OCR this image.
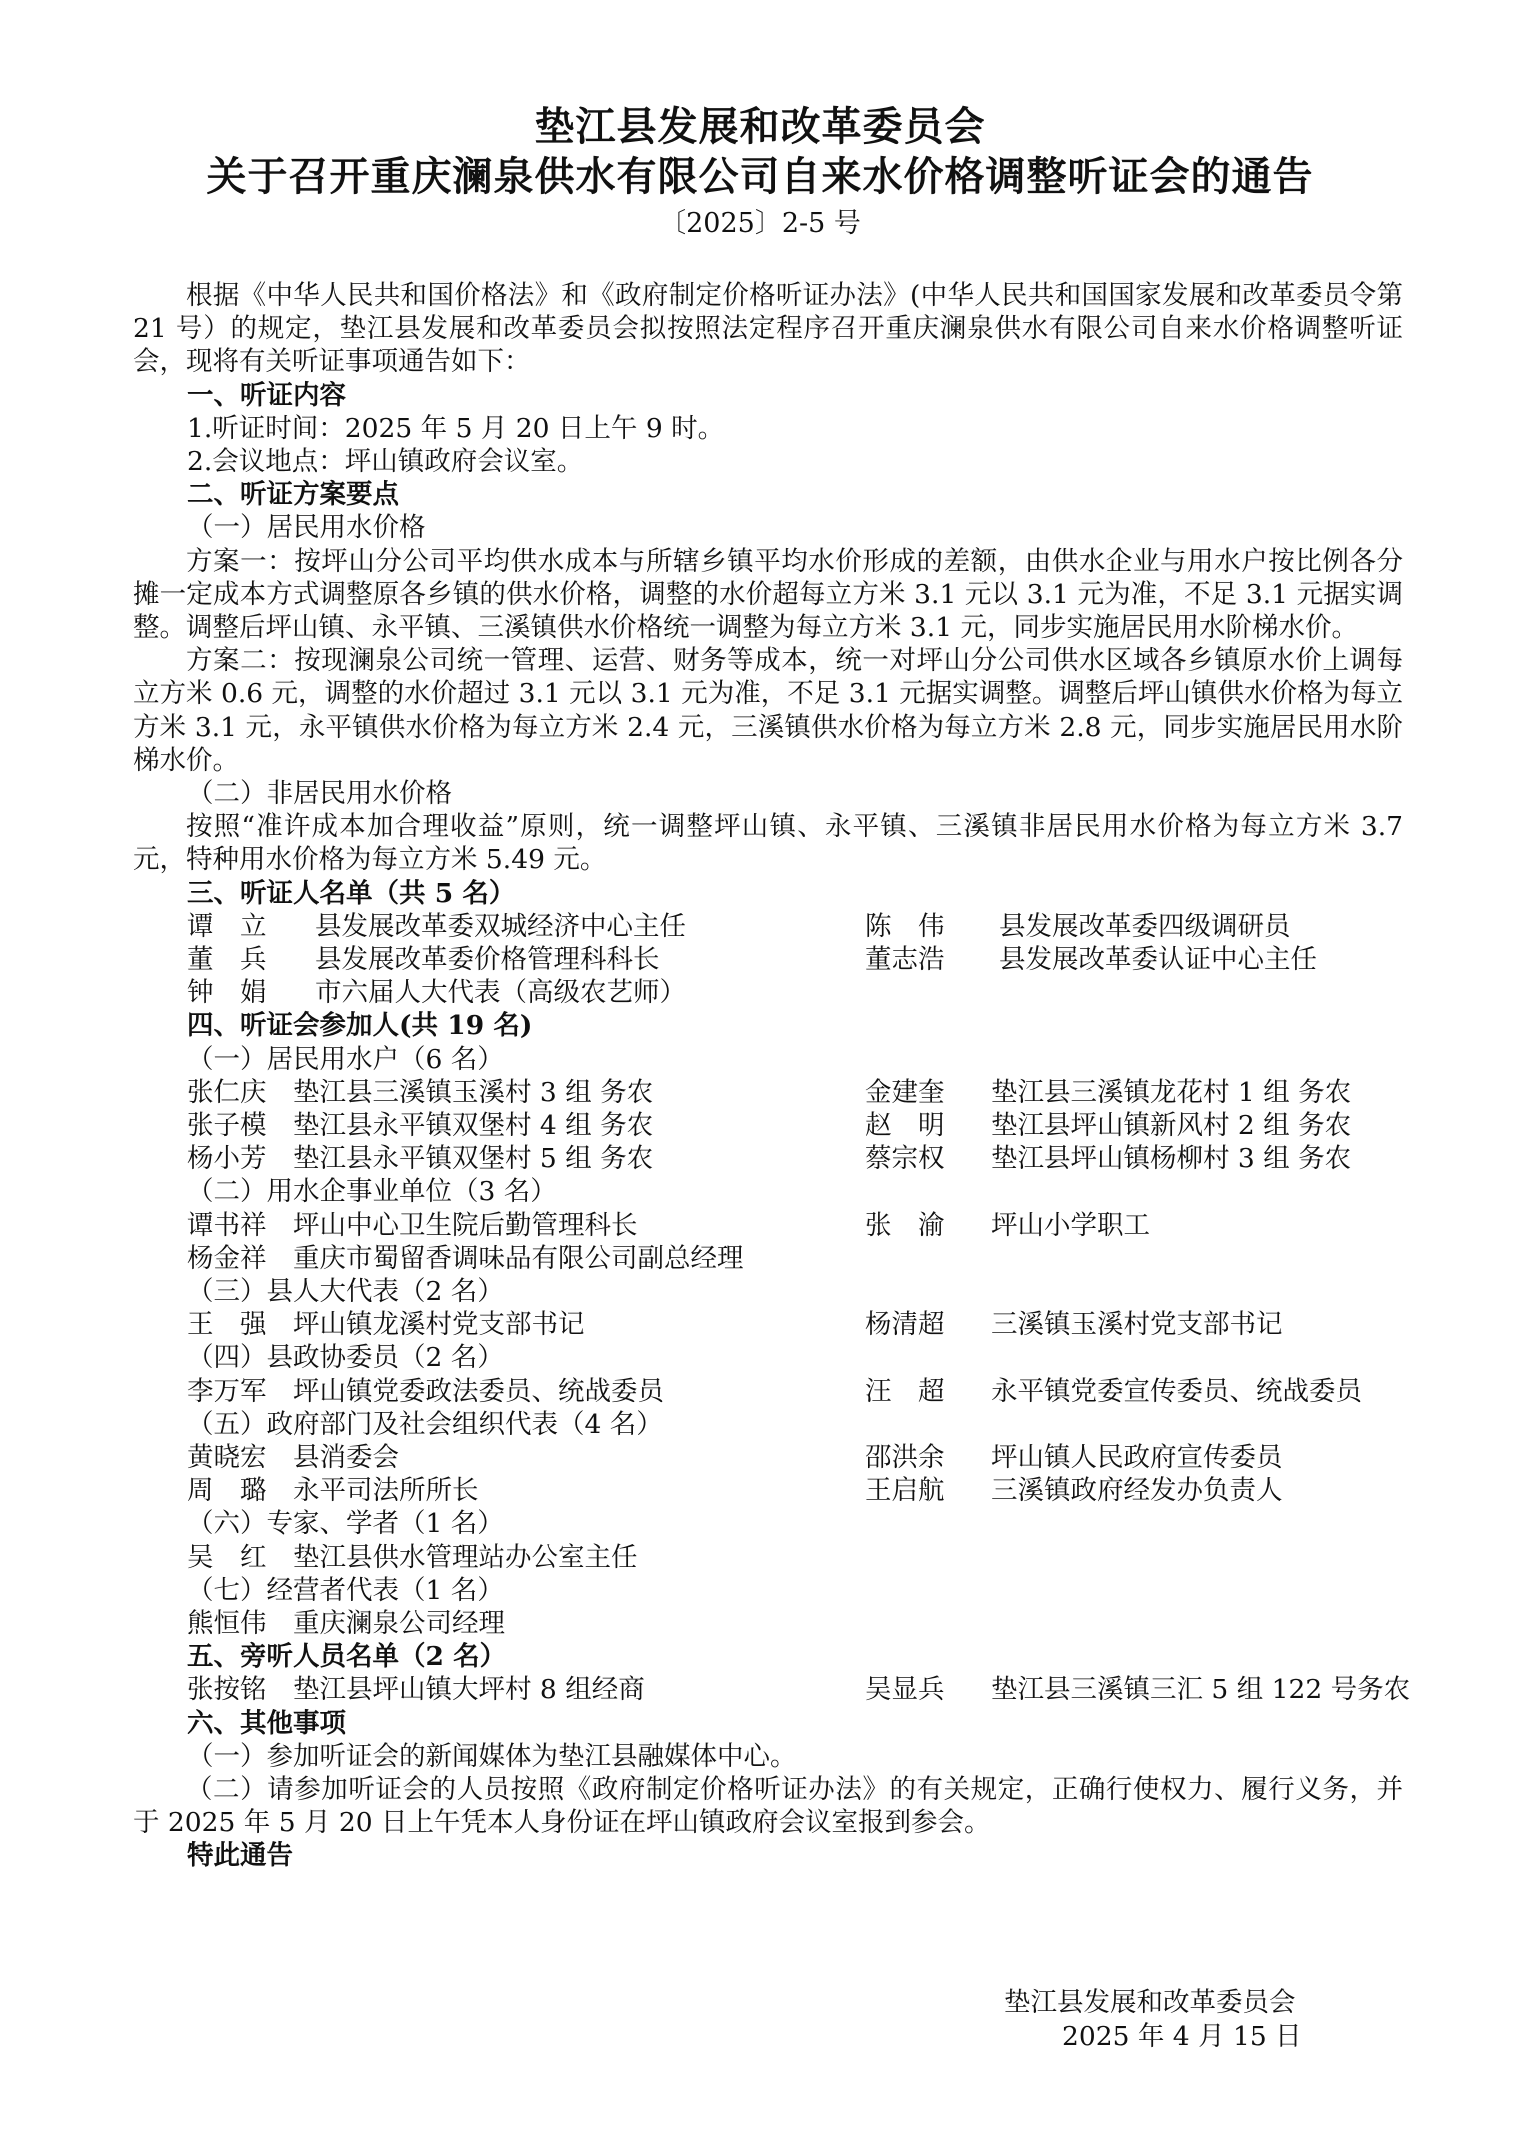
垫江县发展和改革委员会
关于召开重庆澜泉供水有限公司自来水价格调整听证会的通告
〔2025〕2-5 号

根据《中华人民共和国价格法》和《政府制定价格听证办法》(中华人民共和国国家发展和改革委员令第 21 号）的规定，垫江县发展和改革委员会拟按照法定程序召开重庆澜泉供水有限公司自来水价格调整听证会，现将有关听证事项通告如下：

一、听证内容

1.听证时间：2025 年 5 月 20 日上午 9 时。

2.会议地点：坪山镇政府会议室。

二、听证方案要点

（一）居民用水价格

方案一：按坪山分公司平均供水成本与所辖乡镇平均水价形成的差额，由供水企业与用水户按比例各分摊一定成本方式调整原各乡镇的供水价格，调整的水价超每立方米 3.1 元以 3.1 元为准，不足 3.1 元据实调整。调整后坪山镇、永平镇、三溪镇供水价格统一调整为每立方米 3.1 元，同步实施居民用水阶梯水价。

方案二：按现澜泉公司统一管理、运营、财务等成本，统一对坪山分公司供水区域各乡镇原水价上调每立方米 0.6 元，调整的水价超过 3.1 元以 3.1 元为准，不足 3.1 元据实调整。调整后坪山镇供水价格为每立方米 3.1 元，永平镇供水价格为每立方米 2.4 元，三溪镇供水价格为每立方米 2.8 元，同步实施居民用水阶梯水价。

（二）非居民用水价格

按照“准许成本加合理收益”原则，统一调整坪山镇、永平镇、三溪镇非居民用水价格为每立方米 3.7 元，特种用水价格为每立方米 5.49 元。

三、听证人名单（共 5 名）

谭　立 县发展改革委双城经济中心主任	陈　伟 县发展改革委四级调研员
董　兵 县发展改革委价格管理科科长	董志浩 县发展改革委认证中心主任
钟　娟 市六届人大代表（高级农艺师）

四、听证会参加人(共 19 名)

（一）居民用水户（6 名）

张仁庆 垫江县三溪镇玉溪村 3 组 务农	金建奎 垫江县三溪镇龙花村 1 组 务农
张子模 垫江县永平镇双堡村 4 组 务农	赵　明 垫江县坪山镇新风村 2 组 务农
杨小芳 垫江县永平镇双堡村 5 组 务农	蔡宗权 垫江县坪山镇杨柳村 3 组 务农

（二）用水企事业单位（3 名）

谭书祥 坪山中心卫生院后勤管理科长	张　渝 坪山小学职工
杨金祥 重庆市蜀留香调味品有限公司副总经理

（三）县人大代表（2 名）

王　强 坪山镇龙溪村党支部书记	杨清超 三溪镇玉溪村党支部书记

（四）县政协委员（2 名）

李万军 坪山镇党委政法委员、统战委员	汪　超 永平镇党委宣传委员、统战委员

（五）政府部门及社会组织代表（4 名）

黄晓宏 县消委会	邵洪余 坪山镇人民政府宣传委员
周　璐 永平司法所所长	王启航 三溪镇政府经发办负责人

（六）专家、学者（1 名）

吴　红 垫江县供水管理站办公室主任

（七）经营者代表（1 名）

熊恒伟 重庆澜泉公司经理

五、旁听人员名单（2 名）

张按铭 垫江县坪山镇大坪村 8 组经商	吴显兵 垫江县三溪镇三汇 5 组 122 号务农

六、其他事项

（一）参加听证会的新闻媒体为垫江县融媒体中心。

（二）请参加听证会的人员按照《政府制定价格听证办法》的有关规定，正确行使权力、履行义务，并于 2025 年 5 月 20 日上午凭本人身份证在坪山镇政府会议室报到参会。

特此通告

垫江县发展和改革委员会
2025 年 4 月 15 日
